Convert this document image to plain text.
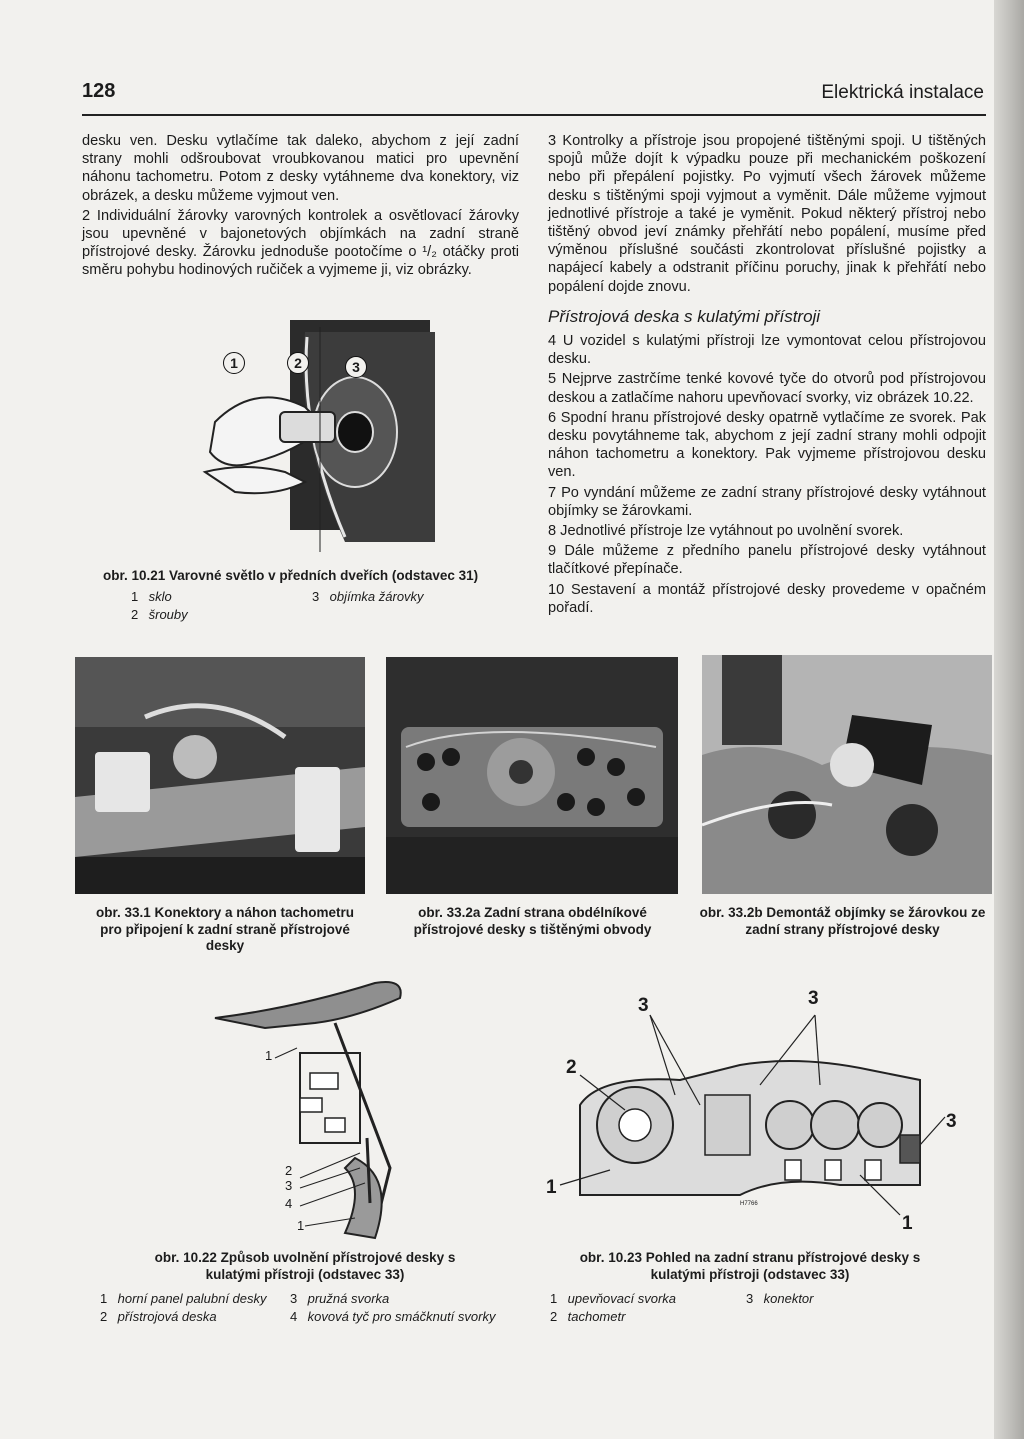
128	Elektrická instalace

desku ven. Desku vytlačíme tak daleko, abychom z její zadní strany mohli odšroubovat vroubkovanou matici pro upevnění náhonu tachometru. Potom z desky vytáhneme dva konektory, viz obrázek, a desku můžeme vyjmout ven.

2 Individuální žárovky varovných kontrolek a osvětlovací žárovky jsou upevněné v bajonetových objímkách na zadní straně přístrojové desky. Žárovku jednoduše pootočíme o ¹/₂ otáčky proti směru pohybu hodinových ručiček a vyjmeme ji, viz obrázky.

1	2	3
obr. 10.21 Varovné světlo v předních dveřích (odstavec 31)
1 sklo	3 objímka žárovky
2 šrouby

3 Kontrolky a přístroje jsou propojené tištěnými spoji. U tištěných spojů může dojít k výpadku pouze při mechanickém poškození nebo při přepálení pojistky. Po vyjmutí všech žárovek můžeme desku s tištěnými spoji vyjmout a vyměnit. Dále můžeme vyjmout jednotlivé přístroje a také je vyměnit. Pokud některý přístroj nebo tištěný obvod jeví známky přehřátí nebo popálení, musíme před výměnou příslušné součásti zkontrolovat příslušné pojistky a napájecí kabely a odstranit příčinu poruchy, jinak k přehřátí nebo popálení dojde znovu.

Přístrojová deska s kulatými přístroji

4 U vozidel s kulatými přístroji lze vymontovat celou přístrojovou desku.

5 Nejprve zastrčíme tenké kovové tyče do otvorů pod přístrojovou deskou a zatlačíme nahoru upevňovací svorky, viz obrázek 10.22.

6 Spodní hranu přístrojové desky opatrně vytlačíme ze svorek. Pak desku povytáhneme tak, abychom z její zadní strany mohli odpojit náhon tachometru a konektory. Pak vyjmeme přístrojovou desku ven.

7 Po vyndání můžeme ze zadní strany přístrojové desky vytáhnout objímky se žárovkami.

8 Jednotlivé přístroje lze vytáhnout po uvolnění svorek.

9 Dále můžeme z předního panelu přístrojové desky vytáhnout tlačítkové přepínače.

10 Sestavení a montáž přístrojové desky provedeme v opačném pořadí.

obr. 33.1 Konektory a náhon tachometru pro připojení k zadní straně přístrojové desky
obr. 33.2a Zadní strana obdélníkové přístrojové desky s tištěnými obvody
obr. 33.2b Demontáž objímky se žárovkou ze zadní strany přístrojové desky
1
2
3
4
1
obr. 10.22 Způsob uvolnění přístrojové desky s kulatými přístroji (odstavec 33)
1 horní panel palubní desky 3 pružná svorka
2 přístrojová deska	4 kovová tyč pro smáčknutí svorky
3	3
2
3
1
1
H7766
obr. 10.23 Pohled na zadní stranu přístrojové desky s kulatými přístroji (odstavec 33)
1 upevňovací svorka	3 konektor
2 tachometr
